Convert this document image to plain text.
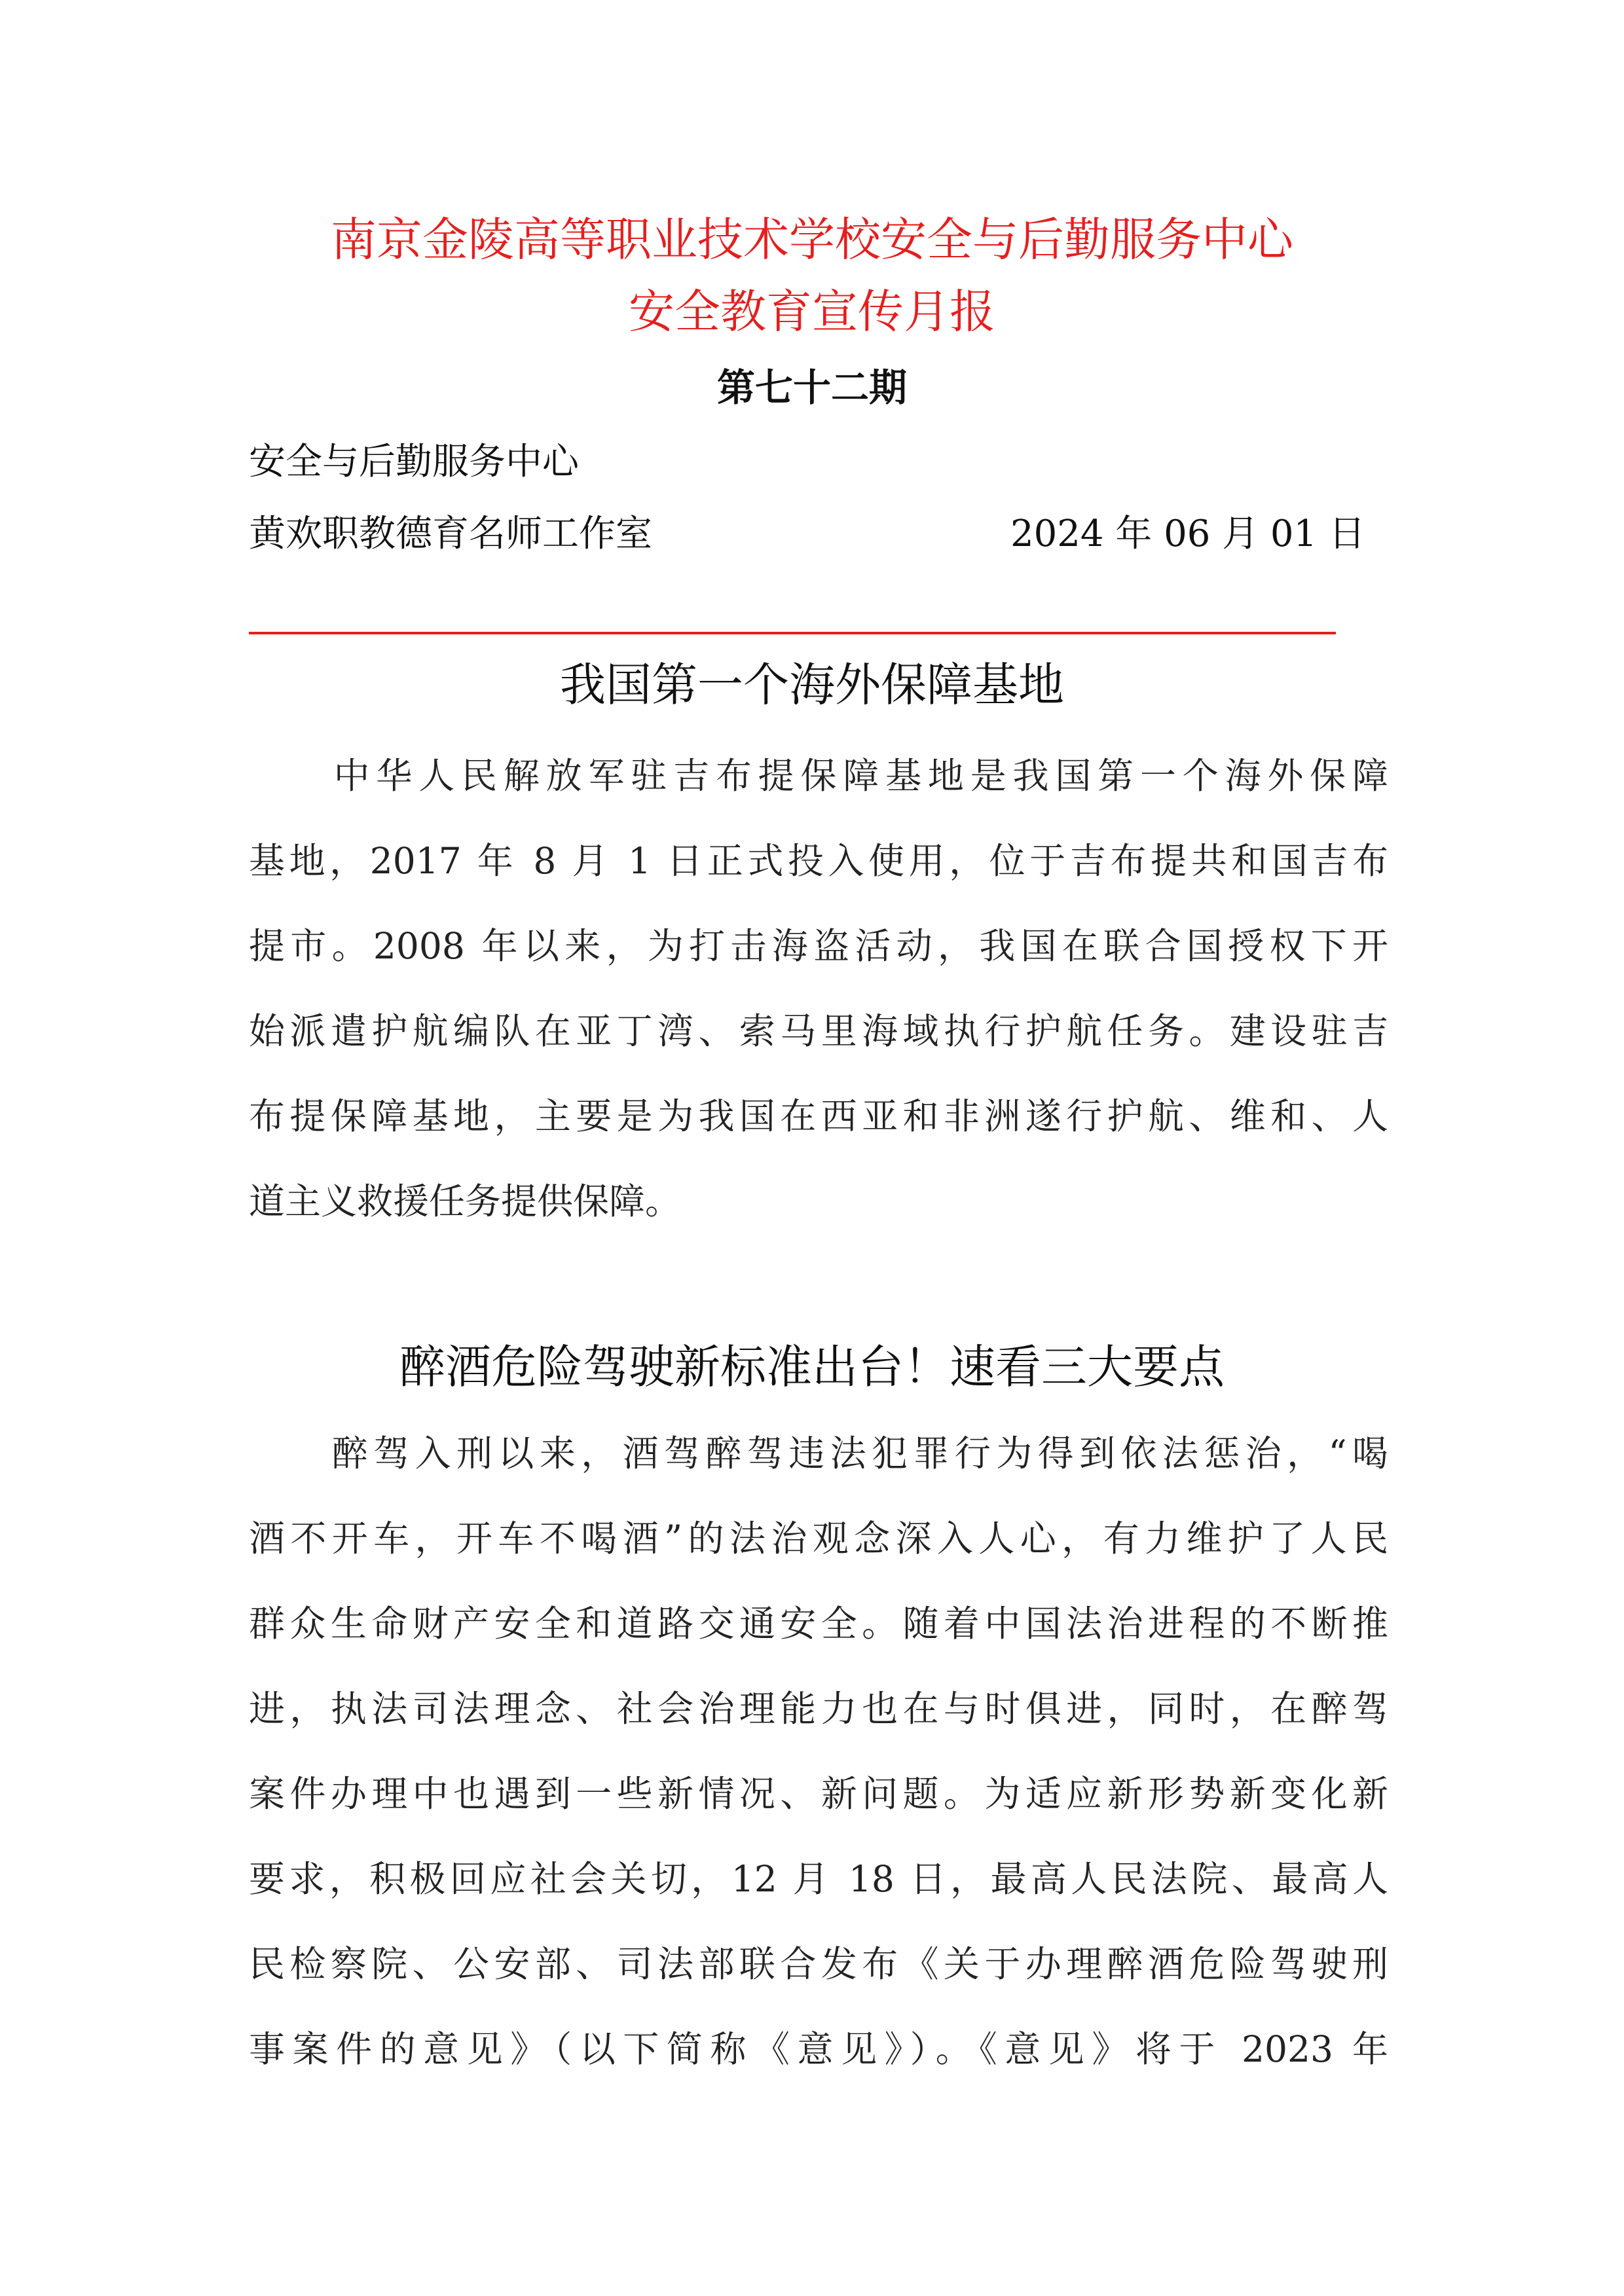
南京金陵高等职业技术学校安全与后勤服务中心
安全教育宣传月报
第七十二期
安全与后勤服务中心
黄欢职教德育名师工作室	2024 年 06 月 01 日
我国第一个海外保障基地
　　中华人民解放军驻吉布提保障基地是我国第一个海外保障
基地，2017 年 8 月 1 日正式投入使用，位于吉布提共和国吉布
提市。2008 年以来，为打击海盗活动，我国在联合国授权下开
始派遣护航编队在亚丁湾、索马里海域执行护航任务。建设驻吉
布提保障基地，主要是为我国在西亚和非洲遂行护航、维和、人
道主义救援任务提供保障。
醉酒危险驾驶新标准出台！速看三大要点
　　醉驾入刑以来，酒驾醉驾违法犯罪行为得到依法惩治，“喝
酒不开车，开车不喝酒”的法治观念深入人心，有力维护了人民
群众生命财产安全和道路交通安全。随着中国法治进程的不断推
进，执法司法理念、社会治理能力也在与时俱进，同时，在醉驾
案件办理中也遇到一些新情况、新问题。为适应新形势新变化新
要求，积极回应社会关切，12 月 18 日，最高人民法院、最高人
民检察院、公安部、司法部联合发布《关于办理醉酒危险驾驶刑
事案件的意见》（以下简称《意见》）。《意见》将于 2023 年
